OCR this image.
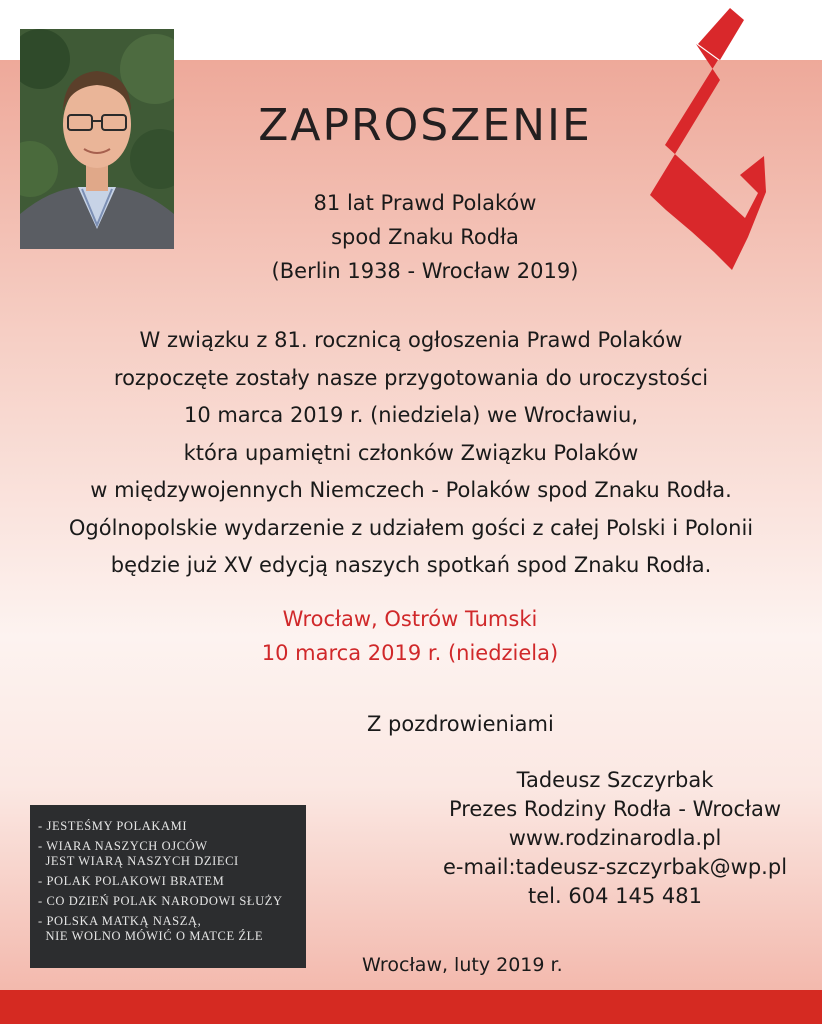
ZAPROSZENIE
81 lat Prawd Polaków
spod Znaku Rodła
(Berlin 1938 - Wrocław 2019)
W związku z 81. rocznicą ogłoszenia Prawd Polaków
rozpoczęte zostały nasze przygotowania do uroczystości
10 marca 2019 r. (niedziela) we Wrocławiu,
która upamiętni członków Związku Polaków
w międzywojennych Niemczech - Polaków spod Znaku Rodła.
Ogólnopolskie wydarzenie z udziałem gości z całej Polski i Polonii
będzie już XV edycją naszych spotkań spod Znaku Rodła.
Wrocław, Ostrów Tumski
10 marca 2019 r. (niedziela)
Z pozdrowieniami
Tadeusz Szczyrbak
Prezes Rodziny Rodła - Wrocław
www.rodzinarodla.pl
e-mail:tadeusz-szczyrbak@wp.pl
tel. 604 145 481
- JESTEŚMY POLAKAMI
- WIARA NASZYCH OJCÓW
JEST WIARĄ NASZYCH DZIECI
- POLAK POLAKOWI BRATEM
- CO DZIEŃ POLAK NARODOWI SŁUŻY
- POLSKA MATKĄ NASZĄ,
NIE WOLNO MÓWIĆ O MATCE ŹLE
Wrocław, luty 2019 r.
